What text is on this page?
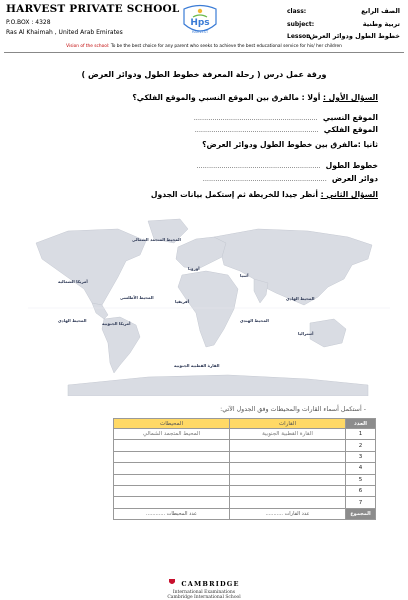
HARVEST PRIVATE SCHOOL
P.O.BOX : 4328
Ras Al Khaimah , United Arab Emirates
Hps
HARVEST
class:	الصف الرابع
subject:	تربية وطنية
Lesson :
خطوط الطول ودوائر العرض:
Vision of the school: To be the best choice for any parent who seeks to achieve the best educational service for his/ her children
ورقة عمل درس ( رحلة المعرفة خطوط الطول ودوائر العرض )
السؤال الأول : أولا : مالفرق بين الموقع النسبي والموقع الفلكي؟
الموقع النسبي ............................................................
الموقع الفلكي ............................................................
ثانيا :مالفرق بين خطوط الطول ودوائر العرض؟
خطوط الطول ............................................................
دوائر العرض ............................................................
السؤال الثاني : أنظر جيدا للخريطة ثم إستكمل بيانات الجدول
المحيط المتجمد الشمالي
أوروبا
آسيا
أمريكا الشمالية
المحيط الأطلسي
أفريقيا
المحيط الهادي
المحيط الهادي
أمريكا الجنوبية
المحيط الهندي
أستراليا
القارة القطبية الجنوبية
- أستكمل أسماء القارات والمحيطات وفق الجدول الآتي:
العدد	القارات	المحيطات
1	القارة القطبية الجنوبية	المحيط المتجمد الشمالي
2		
3		
4		
5		
6		
7		
المجموع	عدد القارات ...........	عدد المحيطات ............
CAMBRIDGE
International Examinations
Cambridge International School
